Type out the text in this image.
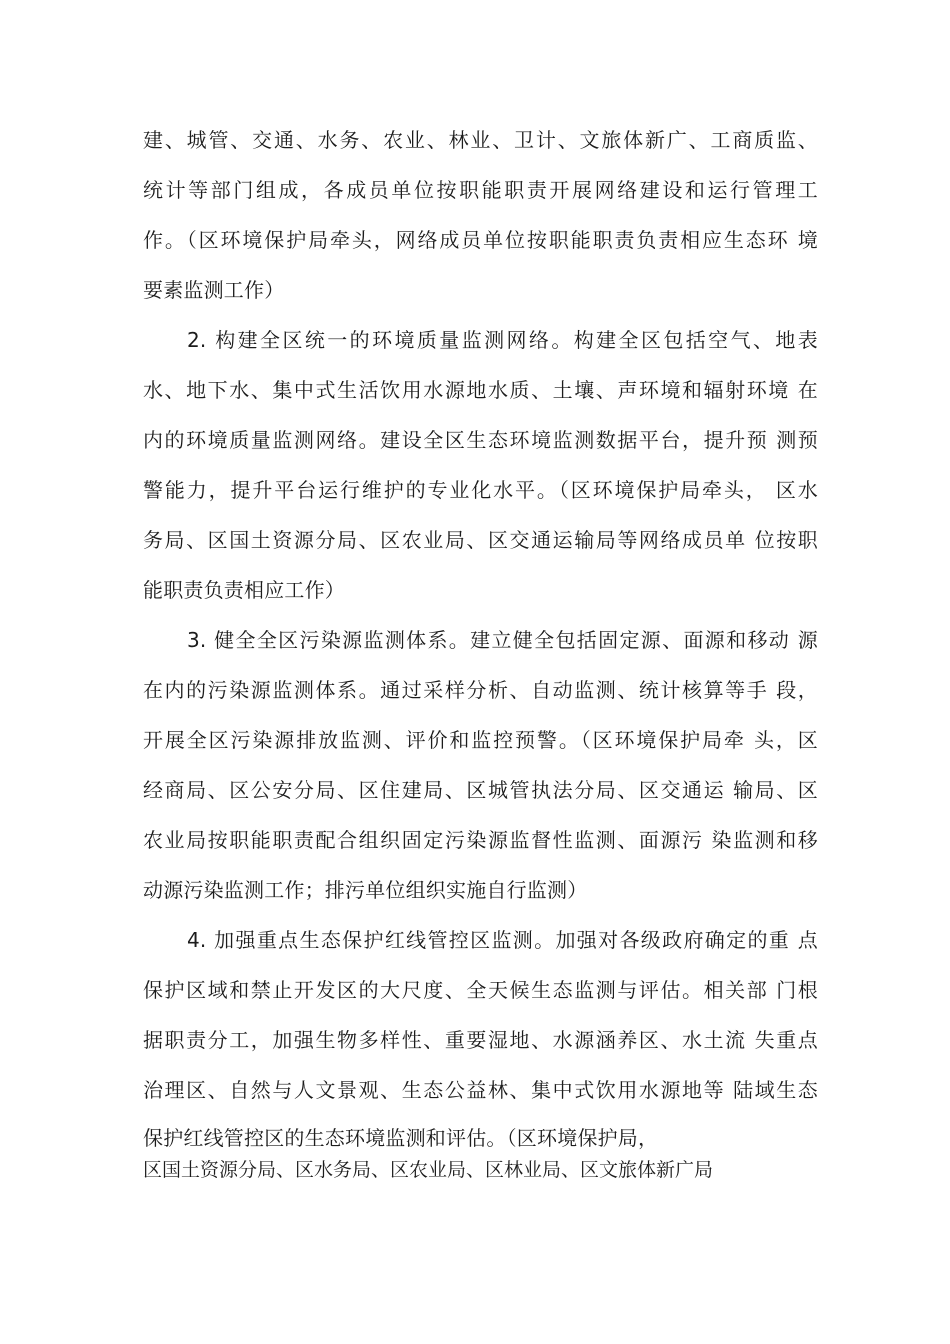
建、城管、交通、水务、农业、林业、卫计、文旅体新广、工商质监、
统计等部门组成，各成员单位按职能职责开展网络建设和运行管理工
作。（区环境保护局牵头，网络成员单位按职能职责负责相应生态环 境
要素监测工作）
2. 构建全区统一的环境质量监测网络。构建全区包括空气、地表
水、地下水、集中式生活饮用水源地水质、土壤、声环境和辐射环境 在
内的环境质量监测网络。建设全区生态环境监测数据平台，提升预 测预
警能力，提升平台运行维护的专业化水平。（区环境保护局牵头， 区水
务局、区国土资源分局、区农业局、区交通运输局等网络成员单 位按职
能职责负责相应工作）
3. 健全全区污染源监测体系。建立健全包括固定源、面源和移动 源
在内的污染源监测体系。通过采样分析、自动监测、统计核算等手 段，
开展全区污染源排放监测、评价和监控预警。（区环境保护局牵 头，区
经商局、区公安分局、区住建局、区城管执法分局、区交通运 输局、区
农业局按职能职责配合组织固定污染源监督性监测、面源污 染监测和移
动源污染监测工作；排污单位组织实施自行监测）
4. 加强重点生态保护红线管控区监测。加强对各级政府确定的重 点
保护区域和禁止开发区的大尺度、全天候生态监测与评估。相关部 门根
据职责分工，加强生物多样性、重要湿地、水源涵养区、水土流 失重点
治理区、自然与人文景观、生态公益林、集中式饮用水源地等 陆域生态
保护红线管控区的生态环境监测和评估。（区环境保护局，
区国土资源分局、区水务局、区农业局、区林业局、区文旅体新广局
